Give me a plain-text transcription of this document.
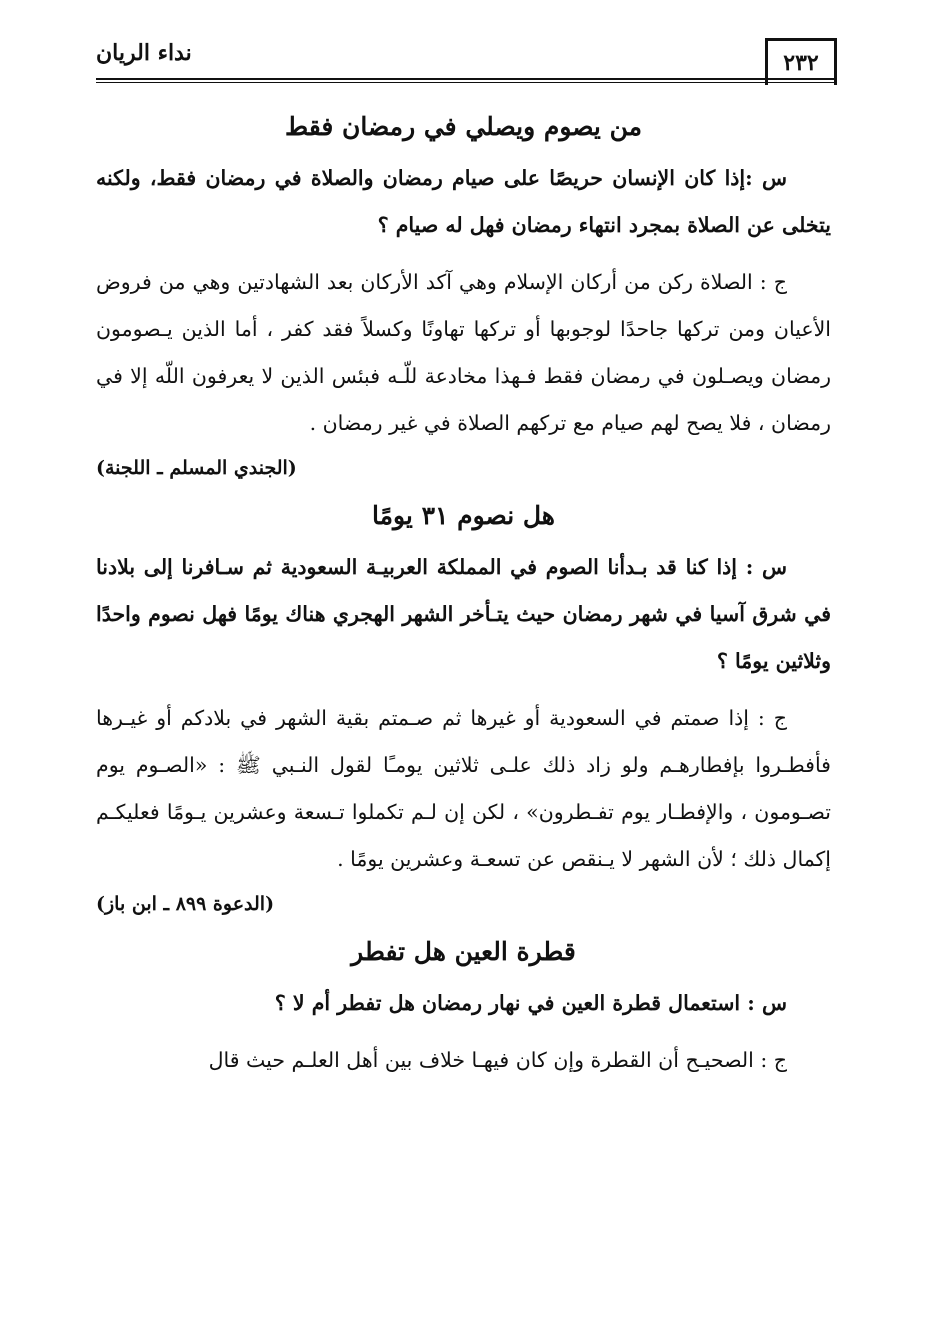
٢٣٢
نداء الريان
من يصوم ويصلي في رمضان فقط

س :إذا كان الإنسان حريصًا على صيام رمضان والصلاة في رمضان فقط، ولكنه يتخلى عن الصلاة بمجرد انتهاء رمضان فهل له صيام ؟

ج : الصلاة ركن من أركان الإسلام وهي آكد الأركان بعد الشهادتين وهي من فروض الأعيان ومن تركها جاحدًا لوجوبها أو تركها تهاونًا وكسلاً فقد كفر ، أما الذين يـصومون رمضان ويصـلون في رمضان فقط فـهذا مخادعة للّـه فبئس الذين لا يعرفون اللّه إلا في رمضان ، فلا يصح لهم صيام مع تركهم الصلاة في غير رمضان .

(الجندي المسلم ـ اللجنة)
هل نصوم ٣١ يومًا

س : إذا كنا قد بـدأنا الصوم في المملكة العربيـة السعودية ثم سـافرنا إلى بلادنا في شرق آسيا في شهر رمضان حيث يتـأخر الشهر الهجري هناك يومًا فهل نصوم واحدًا وثلاثين يومًا ؟

ج : إذا صمتم في السعودية أو غيرها ثم صـمتم بقية الشهر في بلادكم أو غيـرها فأفطـروا بإفطارهـم ولو زاد ذلك علـى ثلاثين يومـًا لقول النـبي ﷺ : «الصـوم يوم تصـومون ، والإفطـار يوم تفـطرون» ، لكن إن لـم تكملوا تـسعة وعشرين يـومًا فعليكـم إكمال ذلك ؛ لأن الشهر لا يـنقص عن تسعـة وعشرين يومًا .

(الدعوة ٨٩٩ ـ ابن باز)
قطرة العين هل تفطر

س : استعمال قطرة العين في نهار رمضان هل تفطر أم لا ؟

ج : الصحيـح أن القطرة وإن كان فيهـا خلاف بين أهل العلـم حيث قال
